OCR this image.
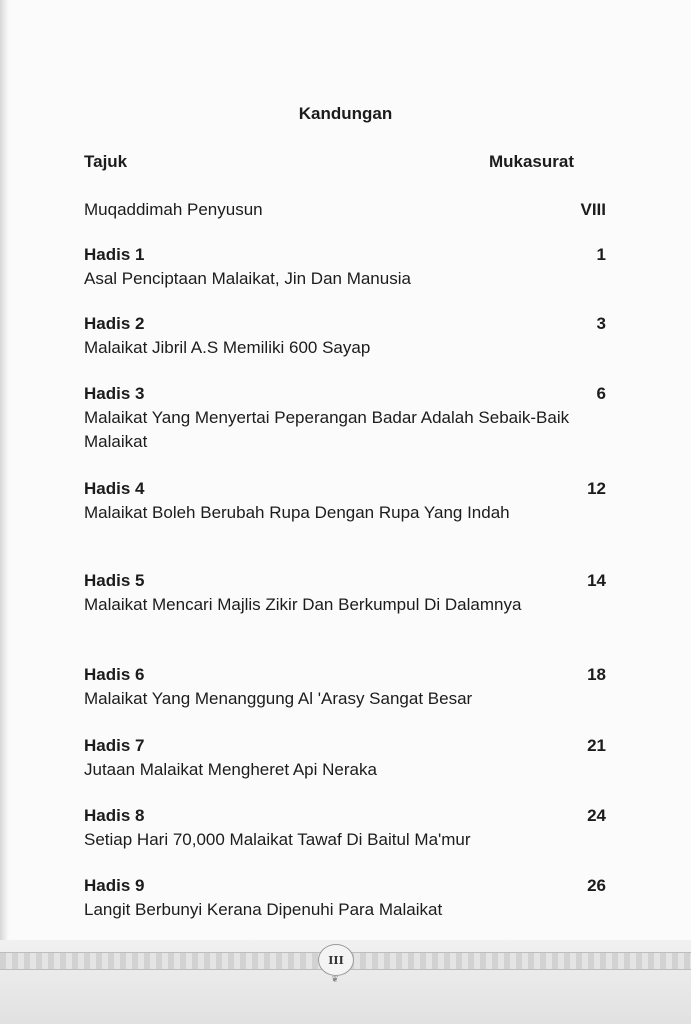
Kandungan
Tajuk	Mukasurat
Muqaddimah Penyusun	VIII
Hadis 1
Asal Penciptaan Malaikat, Jin Dan Manusia
1
Hadis 2
Malaikat Jibril A.S Memiliki 600 Sayap
3
Hadis 3
Malaikat Yang Menyertai Peperangan Badar Adalah Sebaik-Baik Malaikat
6
Hadis 4
Malaikat Boleh Berubah Rupa Dengan Rupa Yang Indah
12
Hadis 5
Malaikat Mencari Majlis Zikir Dan Berkumpul Di Dalamnya
14
Hadis 6
Malaikat Yang Menanggung Al 'Arasy Sangat Besar
18
Hadis 7
Jutaan Malaikat Mengheret Api Neraka
21
Hadis 8
Setiap Hari 70,000 Malaikat Tawaf Di Baitul Ma'mur
24
Hadis 9
Langit Berbunyi Kerana Dipenuhi Para Malaikat
26
III
❦
